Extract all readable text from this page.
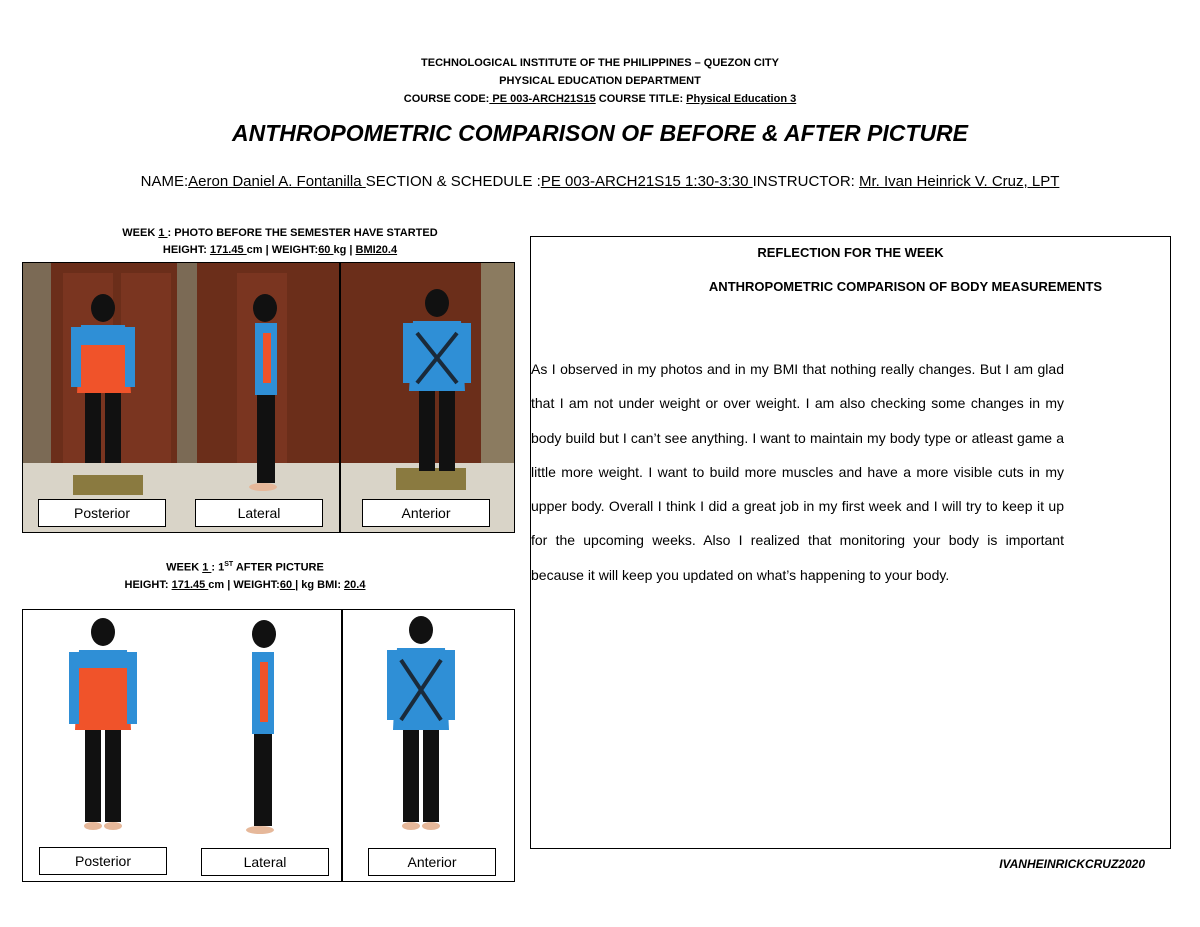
TECHNOLOGICAL INSTITUTE OF THE PHILIPPINES – QUEZON CITY
PHYSICAL EDUCATION DEPARTMENT
COURSE CODE: PE 003-ARCH21S15 COURSE TITLE: Physical Education 3
ANTHROPOMETRIC COMPARISON OF BEFORE & AFTER PICTURE
NAME:Aeron Daniel A. Fontanilla SECTION & SCHEDULE :PE 003-ARCH21S15 1:30-3:30 INSTRUCTOR: Mr. Ivan Heinrick V. Cruz, LPT
WEEK 1 : PHOTO BEFORE THE SEMESTER HAVE STARTED
HEIGHT: 171.45 cm | WEIGHT:60 kg | BMI20.4
Posterior	Lateral	Anterior
WEEK 1 : 1ST AFTER PICTURE
HEIGHT: 171.45 cm | WEIGHT:60 | kg BMI: 20.4
Posterior	Lateral	Anterior
REFLECTION FOR THE WEEK
ANTHROPOMETRIC COMPARISON OF BODY MEASUREMENTS
As I observed in my photos and in my BMI that nothing really changes. But I am glad that I am not under weight or over weight. I am also checking some changes in my body build but I can’t see anything. I want to maintain my body type or atleast game a little more weight. I want to build more muscles and have a more visible cuts in my upper body. Overall I think I did a great job in my first week and I will try to keep it up for the upcoming weeks. Also I realized that monitoring your body is important because it will keep you updated on what’s happening to your body.
IVANHEINRICKCRUZ2020
